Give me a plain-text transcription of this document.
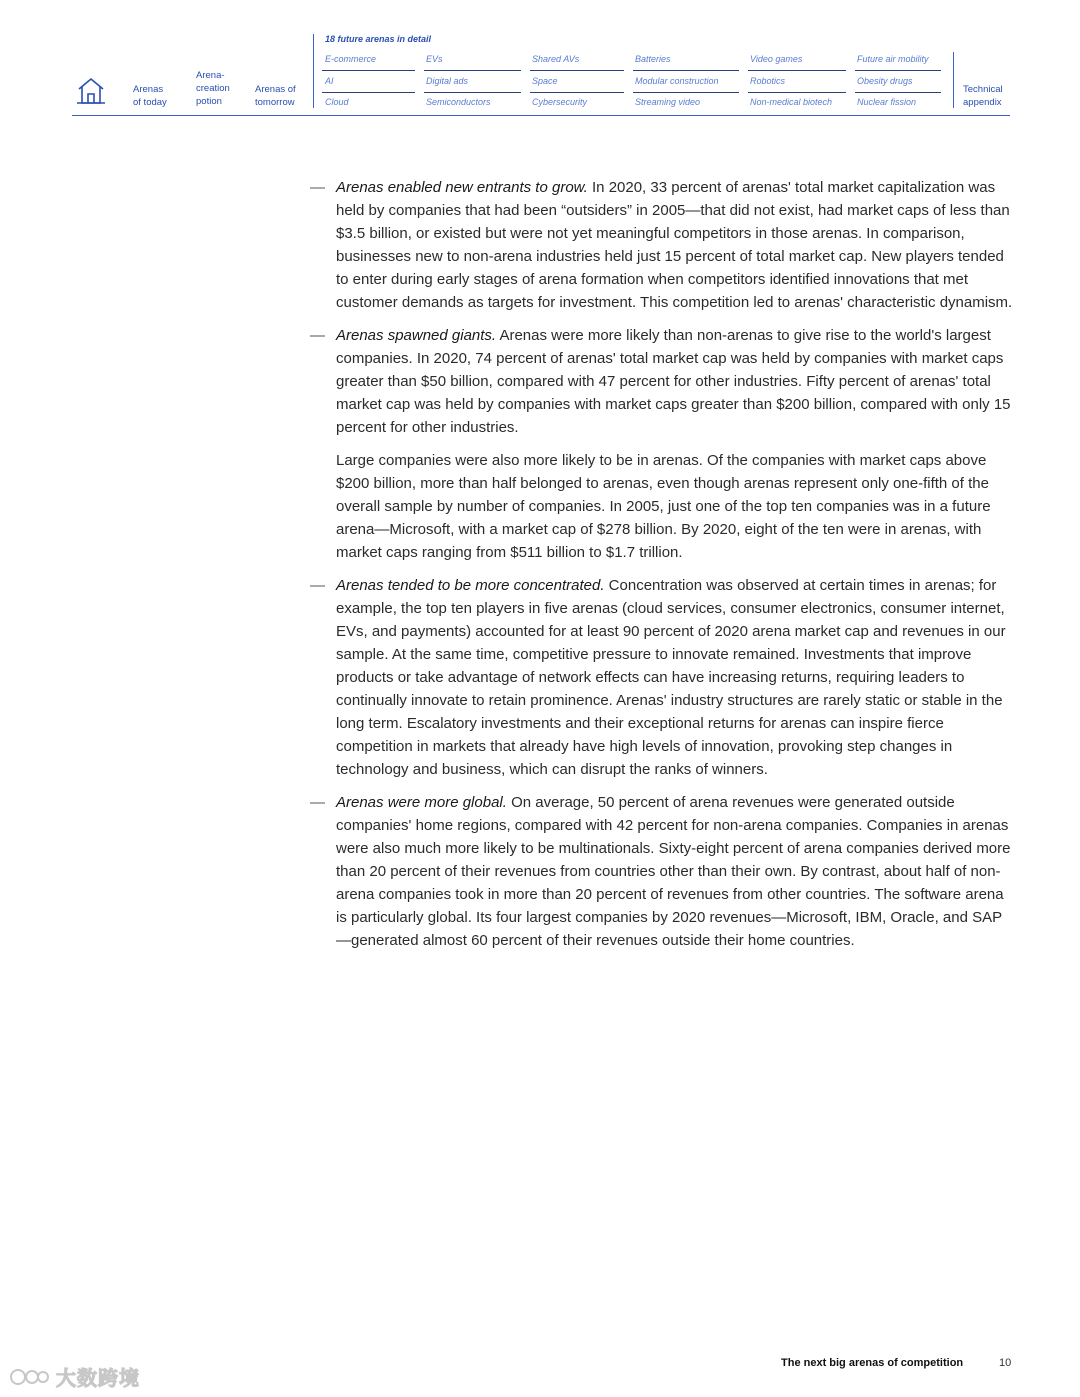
Arenas
of today
Arena-
creation
potion
Arenas of
tomorrow
18 future arenas in detail
E-commerce	EVs	Shared AVs	Batteries	Video games	Future air mobility
AI	Digital ads	Space	Modular construction	Robotics	Obesity drugs
Cloud	Semiconductors	Cybersecurity	Streaming video	Non-medical biotech	Nuclear fission
Technical
appendix
— Arenas enabled new entrants to grow. In 2020, 33 percent of arenas' total market capitalization was held by companies that had been “outsiders” in 2005—that did not exist, had market caps of less than $3.5 billion, or existed but were not yet meaningful competitors in those arenas. In comparison, businesses new to non-arena industries held just 15 percent of total market cap. New players tended to enter during early stages of arena formation when competitors identified innovations that met customer demands as targets for investment. This competition led to arenas' characteristic dynamism.

— Arenas spawned giants. Arenas were more likely than non-arenas to give rise to the world's largest companies. In 2020, 74 percent of arenas' total market cap was held by companies with market caps greater than $50 billion, compared with 47 percent for other industries. Fifty percent of arenas' total market cap was held by companies with market caps greater than $200 billion, compared with only 15 percent for other industries.

Large companies were also more likely to be in arenas. Of the companies with market caps above $200 billion, more than half belonged to arenas, even though arenas represent only one-fifth of the overall sample by number of companies. In 2005, just one of the top ten companies was in a future arena—Microsoft, with a market cap of $278 billion. By 2020, eight of the ten were in arenas, with market caps ranging from $511 billion to $1.7 trillion.

— Arenas tended to be more concentrated. Concentration was observed at certain times in arenas; for example, the top ten players in five arenas (cloud services, consumer electronics, consumer internet, EVs, and payments) accounted for at least 90 percent of 2020 arena market cap and revenues in our sample. At the same time, competitive pressure to innovate remained. Investments that improve products or take advantage of network effects can have increasing returns, requiring leaders to continually innovate to retain prominence. Arenas' industry structures are rarely static or stable in the long term. Escalatory investments and their exceptional returns for arenas can inspire fierce competition in markets that already have high levels of innovation, provoking step changes in technology and business, which can disrupt the ranks of winners.

— Arenas were more global. On average, 50 percent of arena revenues were generated outside companies' home regions, compared with 42 percent for non-arena companies. Companies in arenas were also much more likely to be multinationals. Sixty-eight percent of arena companies derived more than 20 percent of their revenues from countries other than their own. By contrast, about half of non-arena companies took in more than 20 percent of revenues from other countries. The software arena is particularly global. Its four largest companies by 2020 revenues—Microsoft, IBM, Oracle, and SAP—generated almost 60 percent of their revenues outside their home countries.

大数跨境
The next big arenas of competition	10
